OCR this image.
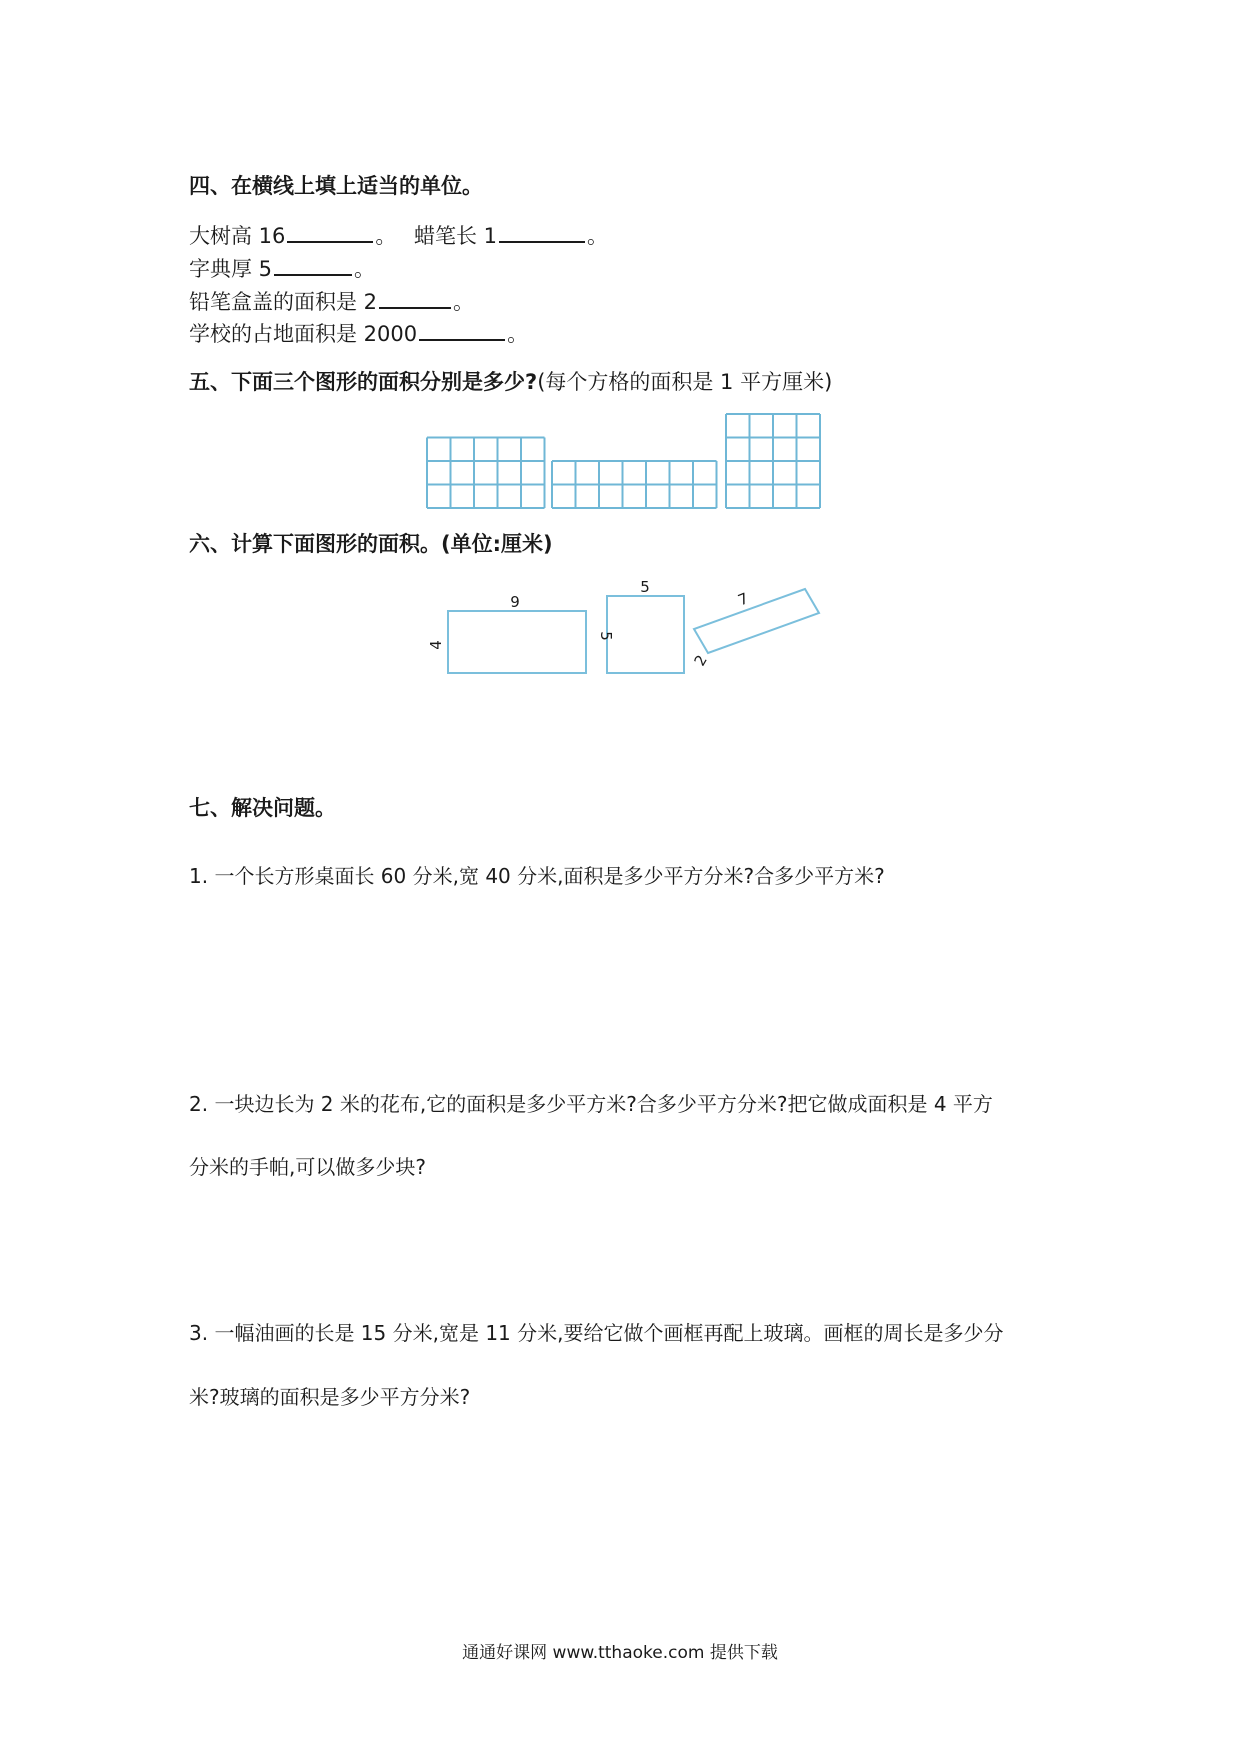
四、在横线上填上适当的单位。
大树高 16	。 蜡笔长 1	。
字典厚 5	。
铅笔盒盖的面积是 2	。
学校的占地面积是 2000	。
五、下面三个图形的面积分别是多少?(每个方格的面积是 1 平方厘米)
六、计算下面图形的面积。(单位:厘米)
9
4
5
5
7
2
七、解决问题。
1. 一个长方形桌面长 60 分米,宽 40 分米,面积是多少平方分米?合多少平方米?
2. 一块边长为 2 米的花布,它的面积是多少平方米?合多少平方分米?把它做成面积是 4 平方
分米的手帕,可以做多少块?
3. 一幅油画的长是 15 分米,宽是 11 分米,要给它做个画框再配上玻璃。画框的周长是多少分
米?玻璃的面积是多少平方分米?
通通好课网 www.tthaoke.com 提供下载
